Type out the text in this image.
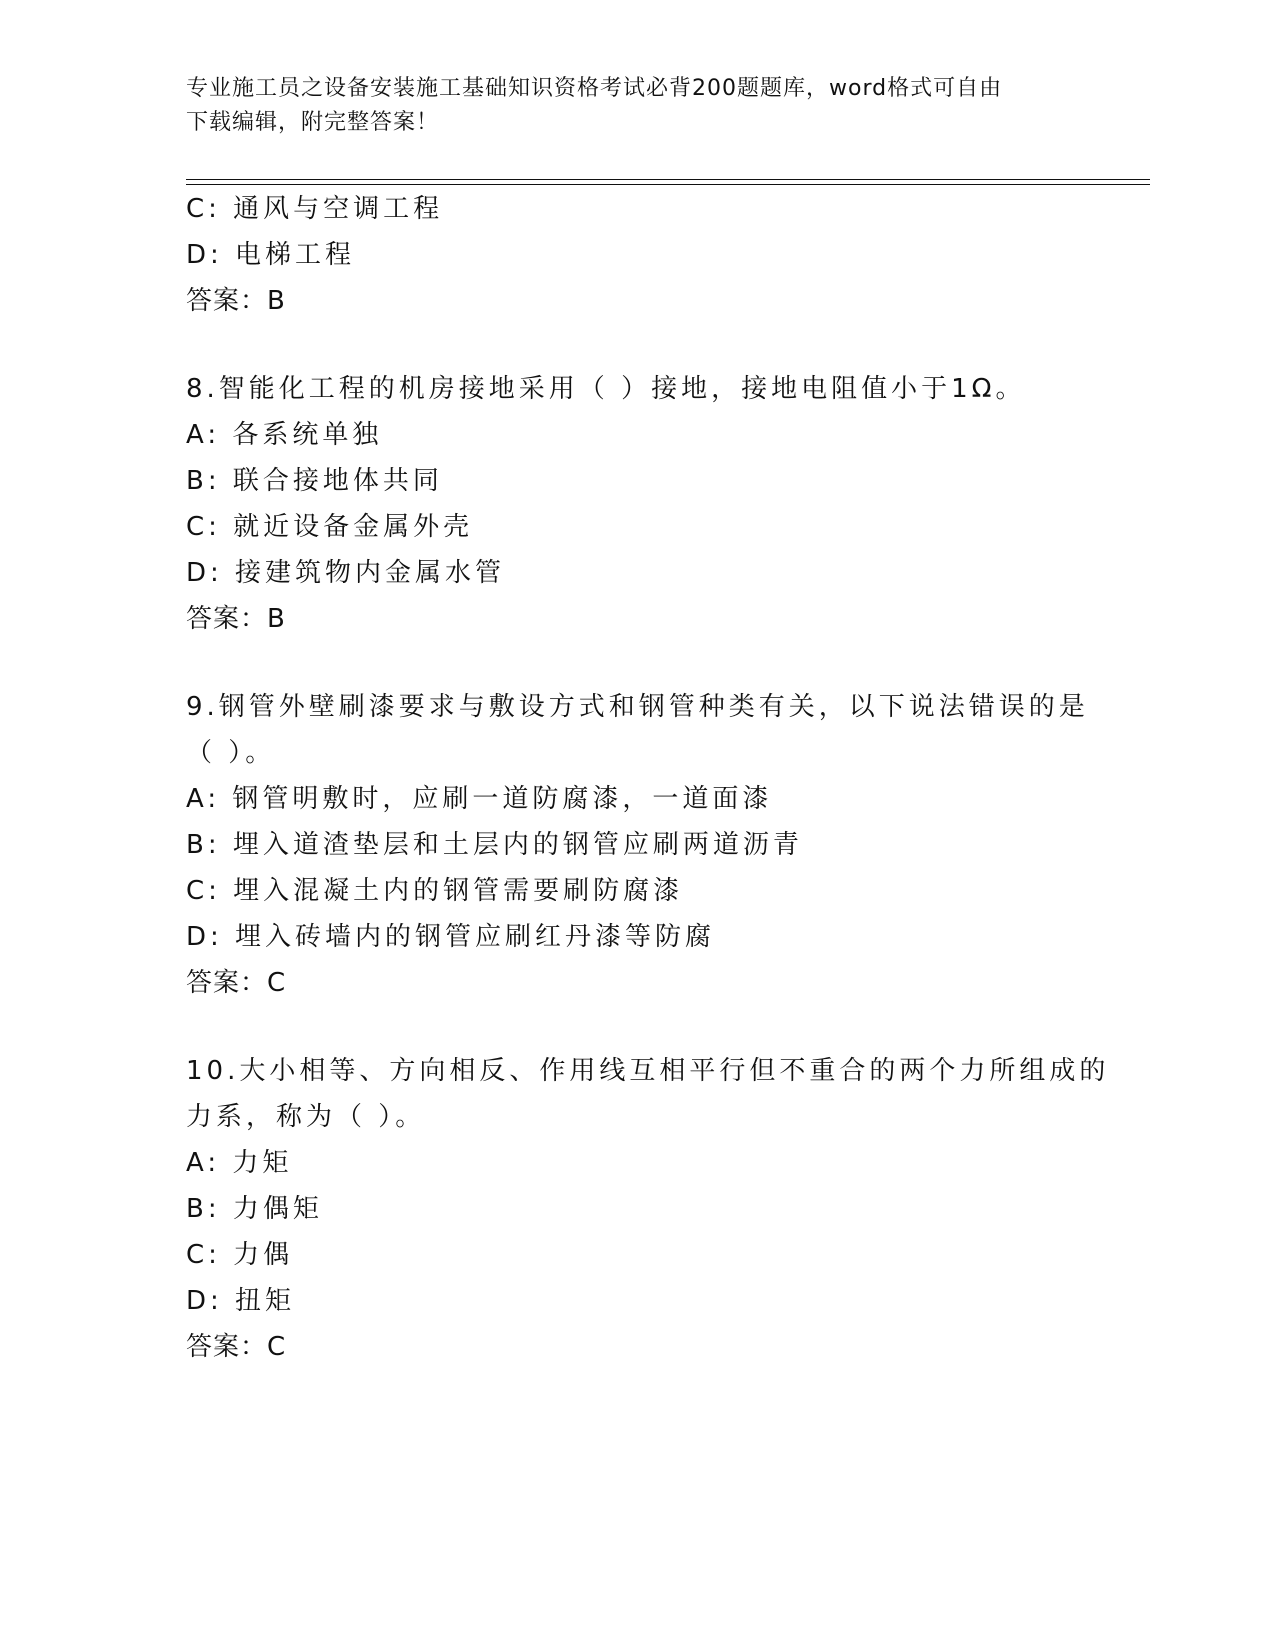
专业施工员之设备安装施工基础知识资格考试必背200题题库，word格式可自由
下载编辑，附完整答案！
C: 通风与空调工程
D: 电梯工程
答案：B
8.智能化工程的机房接地采用（ ）接地，接地电阻值小于1Ω。
A: 各系统单独
B: 联合接地体共同
C: 就近设备金属外壳
D: 接建筑物内金属水管
答案：B
9.钢管外壁刷漆要求与敷设方式和钢管种类有关，以下说法错误的是
（ ）。
A: 钢管明敷时，应刷一道防腐漆，一道面漆
B: 埋入道渣垫层和土层内的钢管应刷两道沥青
C: 埋入混凝土内的钢管需要刷防腐漆
D: 埋入砖墙内的钢管应刷红丹漆等防腐
答案：C
10.大小相等、方向相反、作用线互相平行但不重合的两个力所组成的
力系，称为（ ）。
A: 力矩
B: 力偶矩
C: 力偶
D: 扭矩
答案：C
